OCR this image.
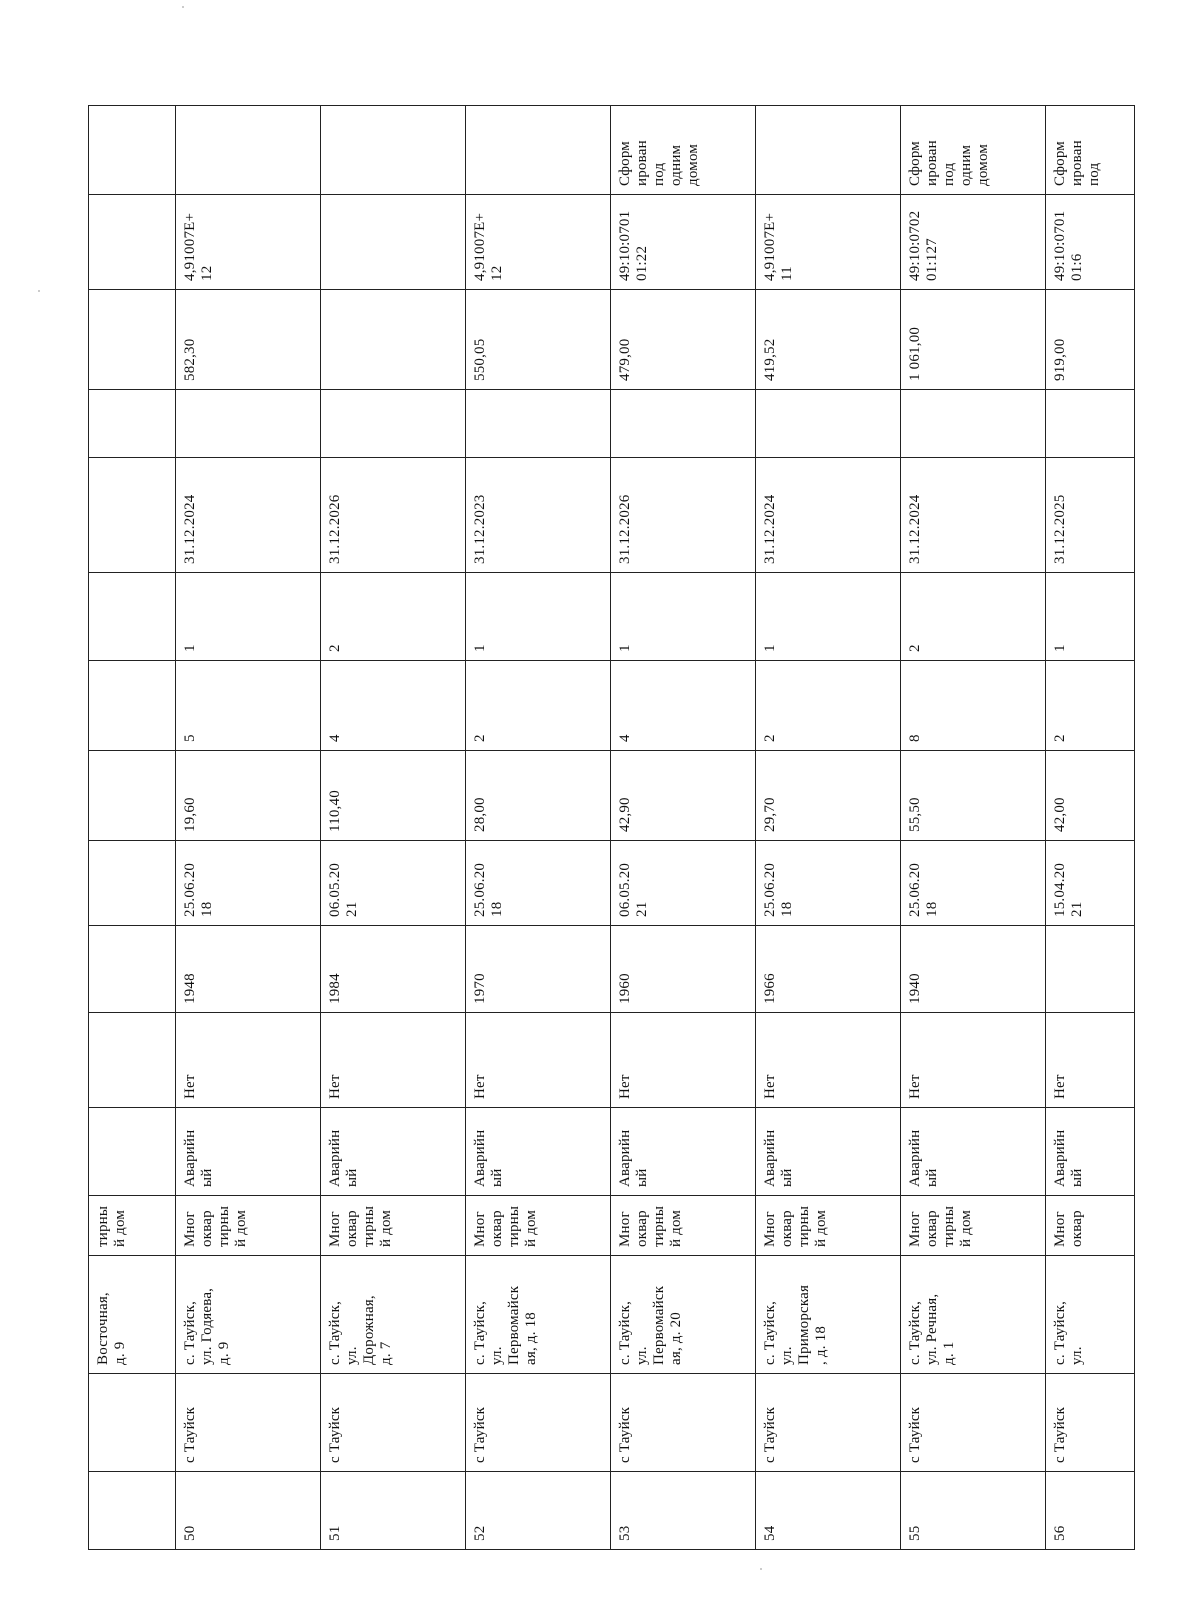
		Восточная,
д. 9	тирны
й дом												
50	с Тауйск	с. Тауйск,
ул. Годяева,
д. 9	Мног
оквар
тирны
й дом	Аварийн
ый	Нет	1948	25.06.20
18	19,60	5	1	31.12.2024		582,30	4,91007E+
12	
51	с Тауйск	с. Тауйск,
ул.
Дорожная,
д. 7	Мног
оквар
тирны
й дом	Аварийн
ый	Нет	1984	06.05.20
21	110,40	4	2	31.12.2026				
52	с Тауйск	с. Тауйск,
ул.
Первомайск
ая, д. 18	Мног
оквар
тирны
й дом	Аварийн
ый	Нет	1970	25.06.20
18	28,00	2	1	31.12.2023		550,05	4,91007E+
12	
53	с Тауйск	с. Тауйск,
ул.
Первомайск
ая, д. 20	Мног
оквар
тирны
й дом	Аварийн
ый	Нет	1960	06.05.20
21	42,90	4	1	31.12.2026		479,00	49:10:0701
01:22	Сформ
ирован
под
одним
домом
54	с Тауйск	с. Тауйск,
ул.
Приморская
, д. 18	Мног
оквар
тирны
й дом	Аварийн
ый	Нет	1966	25.06.20
18	29,70	2	1	31.12.2024		419,52	4,91007E+
11	
55	с Тауйск	с. Тауйск,
ул. Речная,
д. 1	Мног
оквар
тирны
й дом	Аварийн
ый	Нет	1940	25.06.20
18	55,50	8	2	31.12.2024		1 061,00	49:10:0702
01:127	Сформ
ирован
под
одним
домом
56	с Тауйск	с. Тауйск,
ул.	Мног
оквар	Аварийн
ый	Нет		15.04.20
21	42,00	2	1	31.12.2025		919,00	49:10:0701
01:6	Сформ
ирован
под
